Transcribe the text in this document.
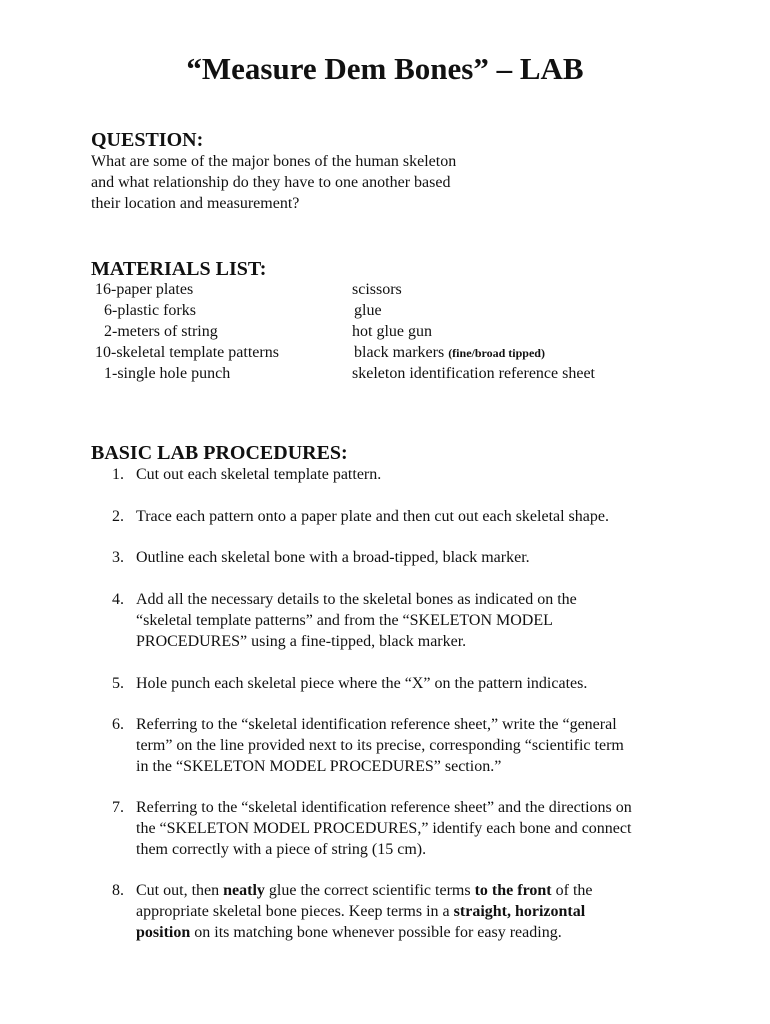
“Measure Dem Bones” – LAB
QUESTION:
What are some of the major bones of the human skeleton
and what relationship do they have to one another based
their location and measurement?
MATERIALS LIST:
16-paper plates
6-plastic forks
2-meters of string
10-skeletal template patterns
1-single hole punch
scissors
glue
hot glue gun
black markers (fine/broad tipped)
skeleton identification reference sheet
BASIC LAB PROCEDURES:
1. Cut out each skeletal template pattern.
2. Trace each pattern onto a paper plate and then cut out each skeletal shape.
3. Outline each skeletal bone with a broad-tipped, black marker.
4. Add all the necessary details to the skeletal bones as indicated on the
“skeletal template patterns” and from the “SKELETON MODEL
PROCEDURES” using a fine-tipped, black marker.
5. Hole punch each skeletal piece where the “X” on the pattern indicates.
6. Referring to the “skeletal identification reference sheet,” write the “general
term” on the line provided next to its precise, corresponding “scientific term
in the “SKELETON MODEL PROCEDURES” section.”
7. Referring to the “skeletal identification reference sheet” and the directions on
the “SKELETON MODEL PROCEDURES,” identify each bone and connect
them correctly with a piece of string (15 cm).
8. Cut out, then neatly glue the correct scientific terms to the front of the
appropriate skeletal bone pieces. Keep terms in a straight, horizontal
position on its matching bone whenever possible for easy reading.
